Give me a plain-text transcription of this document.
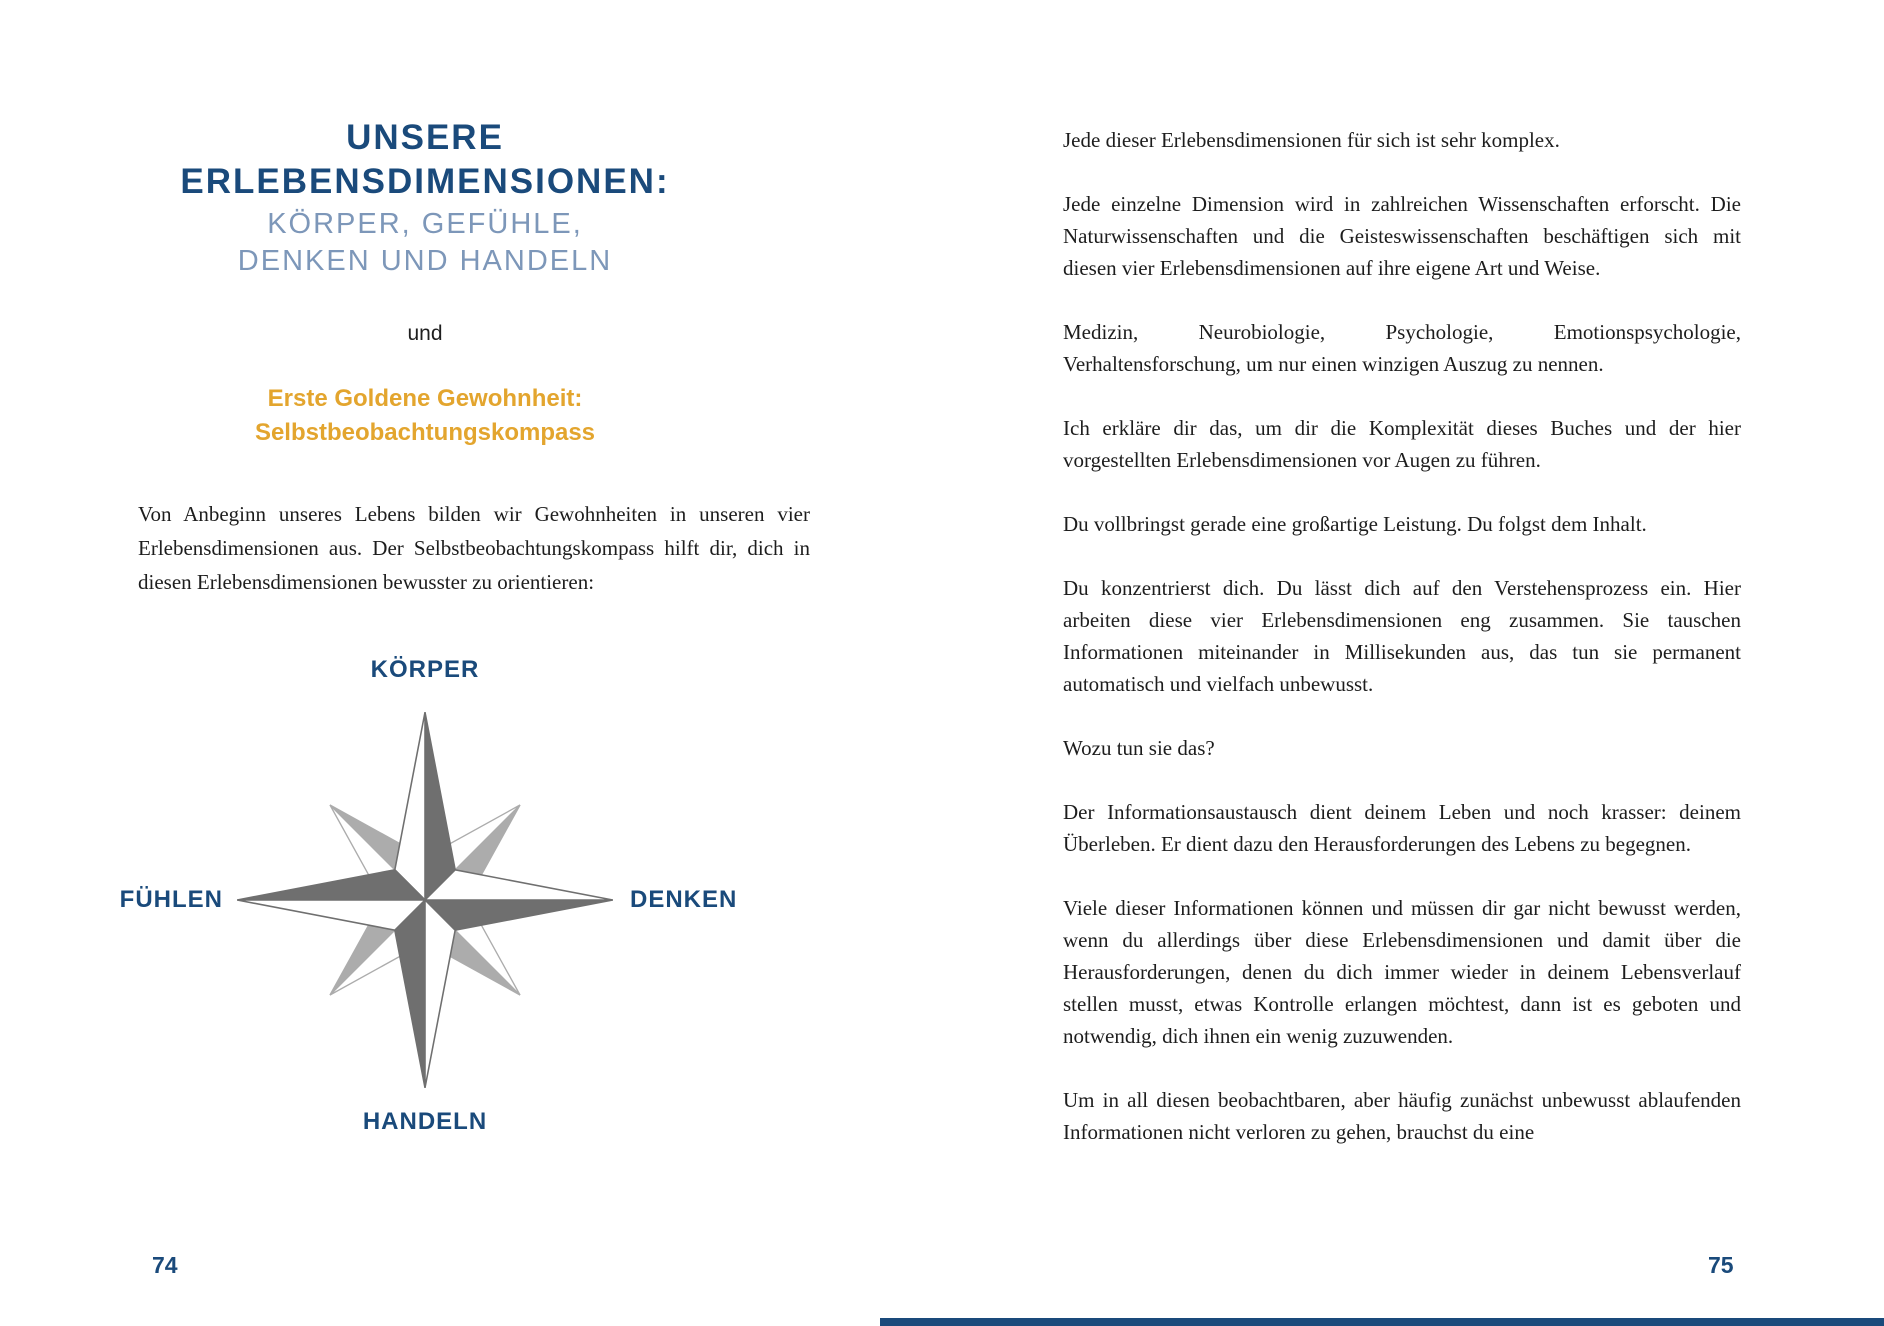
UNSERE
ERLEBENSDIMENSIONEN:
KÖRPER, GEFÜHLE,
DENKEN UND HANDELN
und
Erste Goldene Gewohnheit:
Selbstbeobachtungskompass

Von Anbeginn unseres Lebens bilden wir Gewohnheiten in unseren vier Erlebensdimensionen aus. Der Selbstbeobachtungskompass hilft dir, dich in diesen Erlebensdimensionen bewusster zu orientieren:

KÖRPER
FÜHLEN	DENKEN
HANDELN
74

Jede dieser Erlebensdimensionen für sich ist sehr komplex.

Jede einzelne Dimension wird in zahlreichen Wissenschaften erforscht. Die Naturwissenschaften und die Geisteswissenschaften beschäftigen sich mit diesen vier Erlebensdimensionen auf ihre eigene Art und Weise.

Medizin, Neurobiologie, Psychologie, Emotionspsychologie, Verhaltensforschung, um nur einen winzigen Auszug zu nennen.

Ich erkläre dir das, um dir die Komplexität dieses Buches und der hier vorgestellten Erlebensdimensionen vor Augen zu führen.

Du vollbringst gerade eine großartige Leistung. Du folgst dem Inhalt.

Du konzentrierst dich. Du lässt dich auf den Verstehensprozess ein. Hier arbeiten diese vier Erlebensdimensionen eng zusammen. Sie tauschen Informationen miteinander in Millisekunden aus, das tun sie permanent automatisch und vielfach unbewusst.

Wozu tun sie das?

Der Informationsaustausch dient deinem Leben und noch krasser: deinem Überleben. Er dient dazu den Herausforderungen des Lebens zu begegnen.

Viele dieser Informationen können und müssen dir gar nicht bewusst werden, wenn du allerdings über diese Erlebensdimensionen und damit über die Herausforderungen, denen du dich immer wieder in deinem Lebensverlauf stellen musst, etwas Kontrolle erlangen möchtest, dann ist es geboten und notwendig, dich ihnen ein wenig zuzuwenden.

Um in all diesen beobachtbaren, aber häufig zunächst unbewusst ablaufenden Informationen nicht verloren zu gehen, brauchst du eine

75
